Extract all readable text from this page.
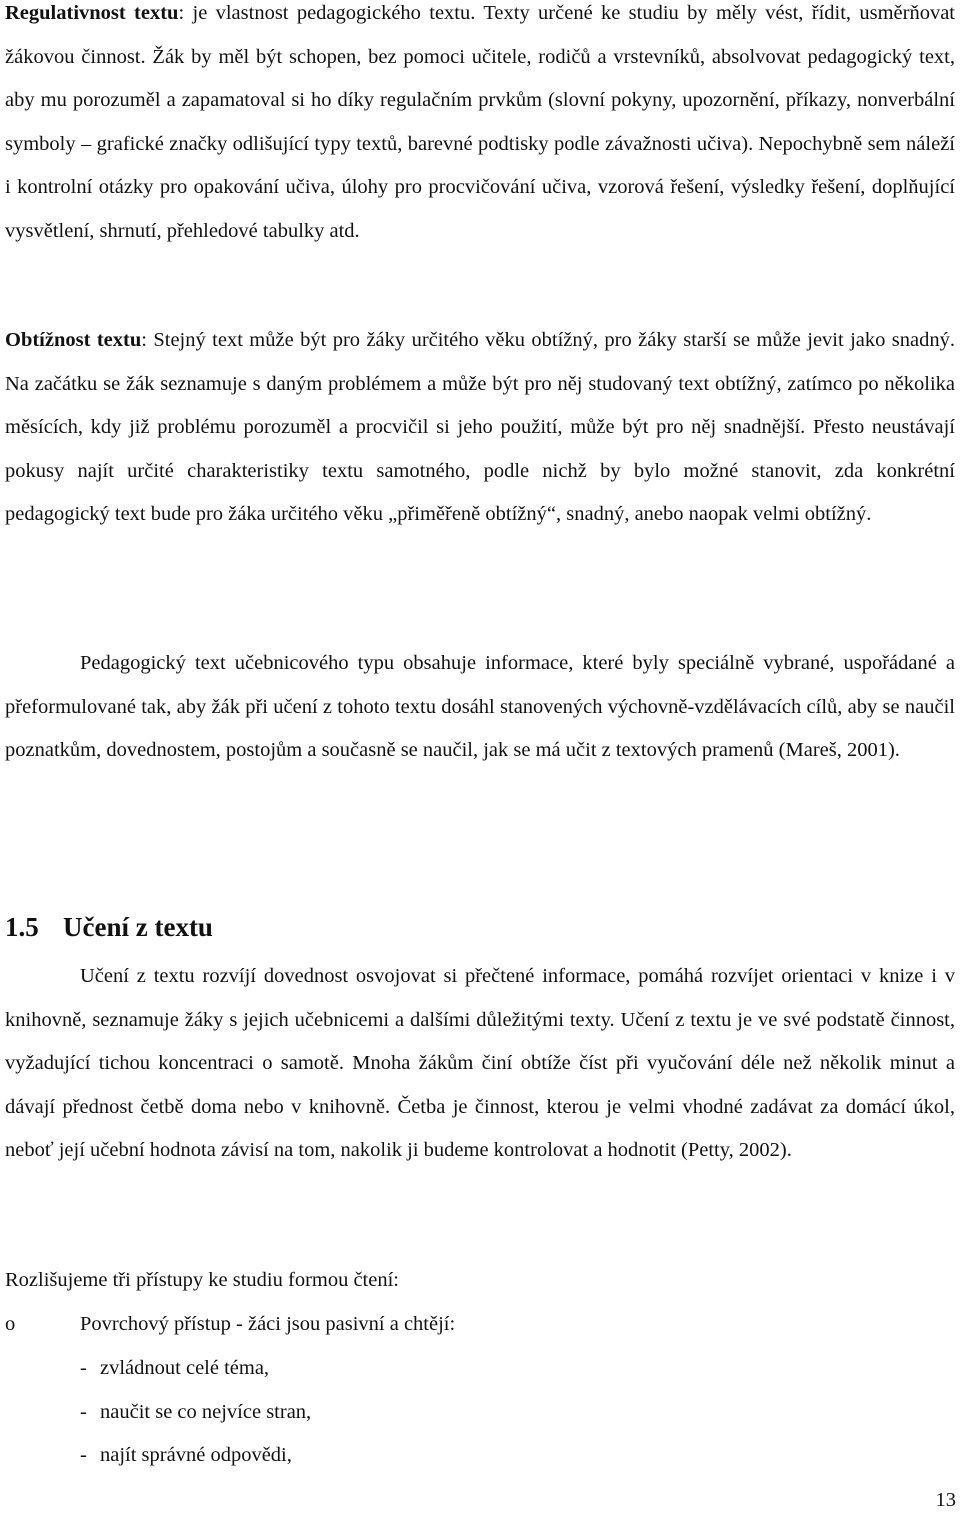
Regulativnost textu: je vlastnost pedagogického textu. Texty určené ke studiu by měly vést, řídit, usměrňovat žákovou činnost. Žák by měl být schopen, bez pomoci učitele, rodičů a vrstevníků, absolvovat pedagogický text, aby mu porozuměl a zapamatoval si ho díky regulačním prvkům (slovní pokyny, upozornění, příkazy, nonverbální symboly – grafické značky odlišující typy textů, barevné podtisky podle závažnosti učiva). Nepochybně sem náleží i kontrolní otázky pro opakování učiva, úlohy pro procvičování učiva, vzorová řešení, výsledky řešení, doplňující vysvětlení, shrnutí, přehledové tabulky atd.

Obtížnost textu: Stejný text může být pro žáky určitého věku obtížný, pro žáky starší se může jevit jako snadný. Na začátku se žák seznamuje s daným problémem a může být pro něj studovaný text obtížný, zatímco po několika měsících, kdy již problému porozuměl a procvičil si jeho použití, může být pro něj snadnější. Přesto neustávají pokusy najít určité charakteristiky textu samotného, podle nichž by bylo možné stanovit, zda konkrétní pedagogický text bude pro žáka určitého věku „přiměřeně obtížný“, snadný, anebo naopak velmi obtížný.

Pedagogický text učebnicového typu obsahuje informace, které byly speciálně vybrané, uspořádané a přeformulované tak, aby žák při učení z tohoto textu dosáhl stanovených výchovně-vzdělávacích cílů, aby se naučil poznatkům, dovednostem, postojům a současně se naučil, jak se má učit z textových pramenů (Mareš, 2001).

1.5 Učení z textu

Učení z textu rozvíjí dovednost osvojovat si přečtené informace, pomáhá rozvíjet orientaci v knize i v knihovně, seznamuje žáky s jejich učebnicemi a dalšími důležitými texty. Učení z textu je ve své podstatě činnost, vyžadující tichou koncentraci o samotě. Mnoha žákům činí obtíže číst při vyučování déle než několik minut a dávají přednost četbě doma nebo v knihovně. Četba je činnost, kterou je velmi vhodné zadávat za domácí úkol, neboť její učební hodnota závisí na tom, nakolik ji budeme kontrolovat a hodnotit (Petty, 2002).

Rozlišujeme tři přístupy ke studiu formou čtení:

o	Povrchový přístup - žáci jsou pasivní a chtějí:
- zvládnout celé téma,
- naučit se co nejvíce stran,
- najít správné odpovědi,
13
